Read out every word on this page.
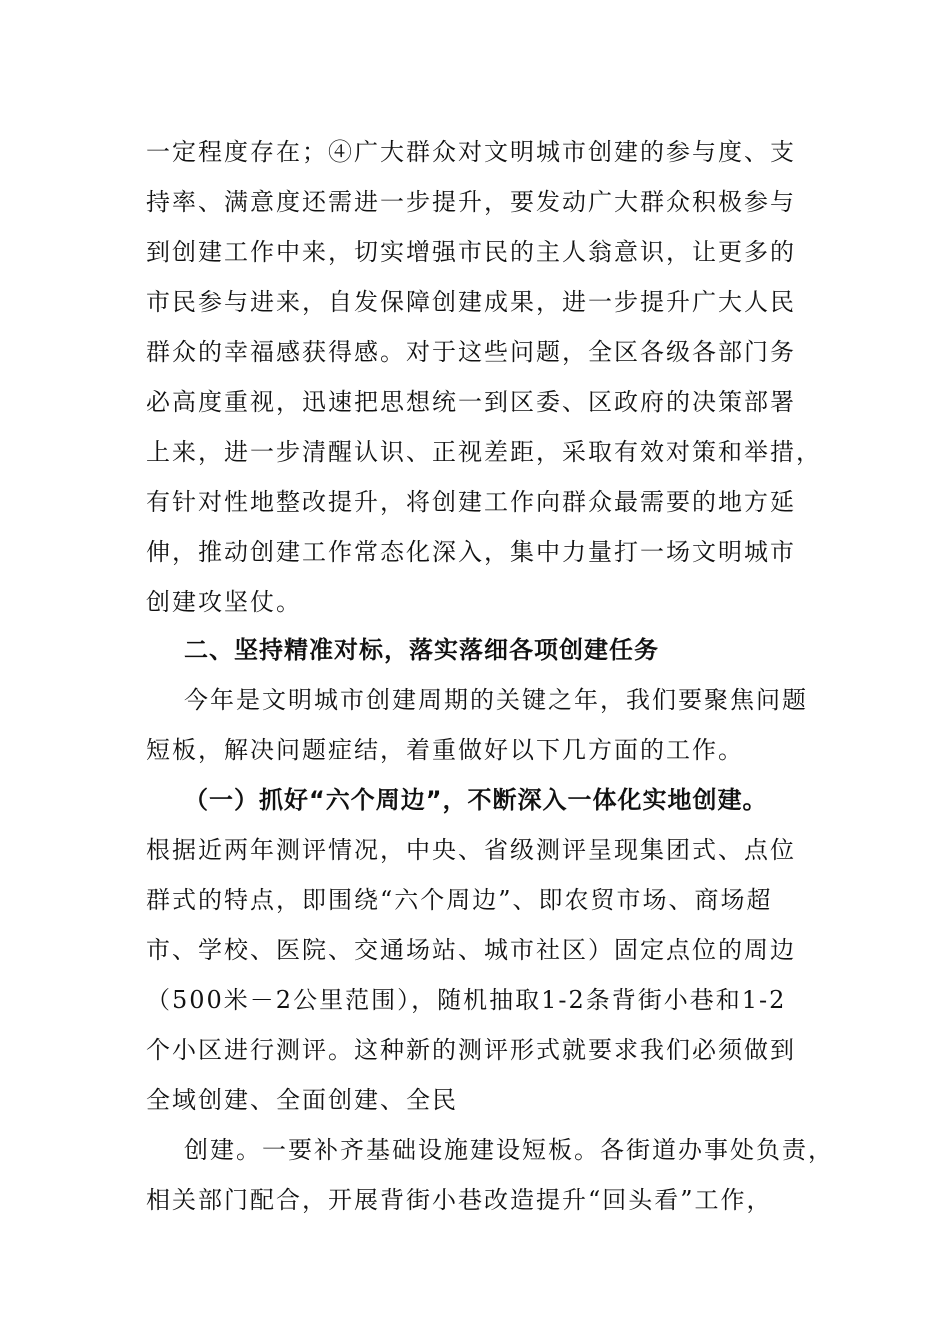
一定程度存在；④广大群众对文明城市创建的参与度、支
持率、满意度还需进一步提升，要发动广大群众积极参与
到创建工作中来，切实增强市民的主人翁意识，让更多的
市民参与进来，自发保障创建成果，进一步提升广大人民
群众的幸福感获得感。对于这些问题，全区各级各部门务
必高度重视，迅速把思想统一到区委、区政府的决策部署
上来，进一步清醒认识、正视差距，采取有效对策和举措，
有针对性地整改提升，将创建工作向群众最需要的地方延
伸，推动创建工作常态化深入，集中力量打一场文明城市
创建攻坚仗。
二、坚持精准对标，落实落细各项创建任务
今年是文明城市创建周期的关键之年，我们要聚焦问题
短板，解决问题症结，着重做好以下几方面的工作。
（一）抓好“六个周边”，不断深入一体化实地创建。
根据近两年测评情况，中央、省级测评呈现集团式、点位
群式的特点，即围绕“六个周边”、即农贸市场、商场超
市、学校、医院、交通场站、城市社区）固定点位的周边
（500米－2公里范围），随机抽取1-2条背街小巷和1-2
个小区进行测评。这种新的测评形式就要求我们必须做到
全域创建、全面创建、全民
创建。一要补齐基础设施建设短板。各街道办事处负责，
相关部门配合，开展背街小巷改造提升“回头看”工作，
